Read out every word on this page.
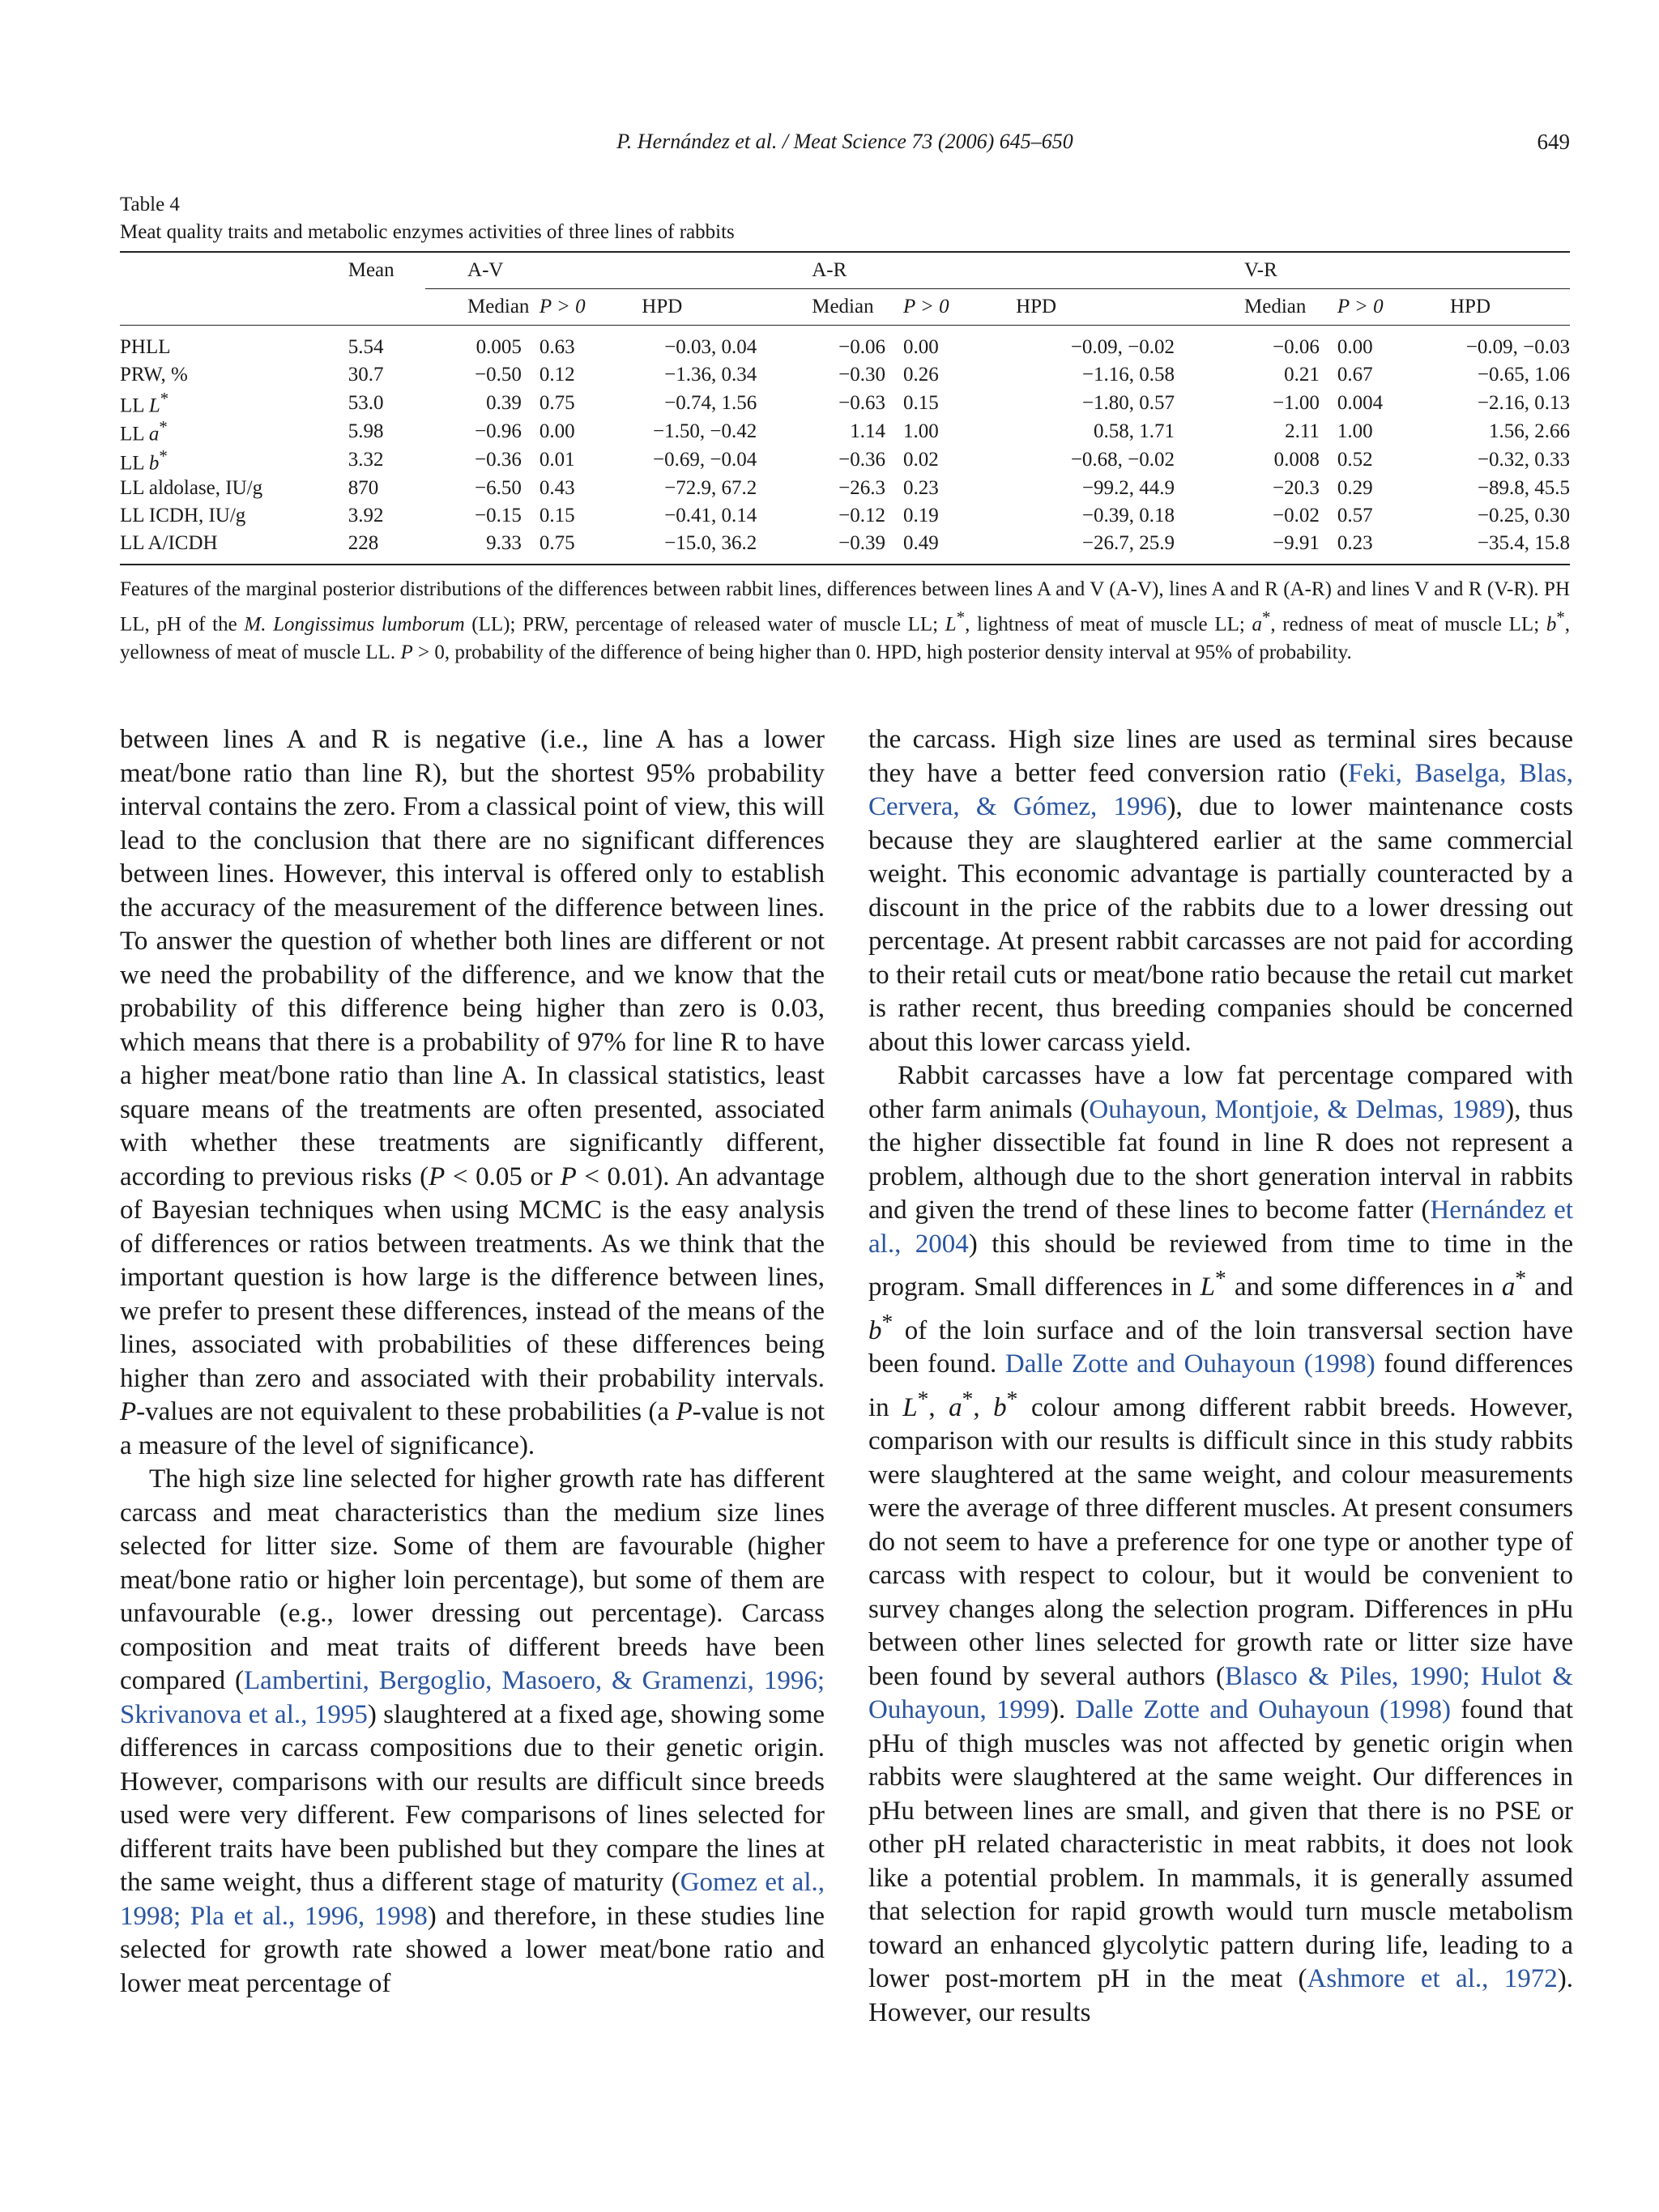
P. Hernández et al. / Meat Science 73 (2006) 645–650	649
Table 4
Meat quality traits and metabolic enzymes activities of three lines of rabbits
	Mean	A-V			A-R			V-R		
		Median	P > 0	HPD	Median	P > 0	HPD	Median	P > 0	HPD
PHLL	5.54	0.005	0.63	−0.03, 0.04	−0.06	0.00	−0.09, −0.02	−0.06	0.00	−0.09, −0.03
PRW, %	30.7	−0.50	0.12	−1.36, 0.34	−0.30	0.26	−1.16, 0.58	0.21	0.67	−0.65, 1.06
LL L*	53.0	0.39	0.75	−0.74, 1.56	−0.63	0.15	−1.80, 0.57	−1.00	0.004	−2.16, 0.13
LL a*	5.98	−0.96	0.00	−1.50, −0.42	1.14	1.00	0.58, 1.71	2.11	1.00	1.56, 2.66
LL b*	3.32	−0.36	0.01	−0.69, −0.04	−0.36	0.02	−0.68, −0.02	0.008	0.52	−0.32, 0.33
LL aldolase, IU/g	870	−6.50	0.43	−72.9, 67.2	−26.3	0.23	−99.2, 44.9	−20.3	0.29	−89.8, 45.5
LL ICDH, IU/g	3.92	−0.15	0.15	−0.41, 0.14	−0.12	0.19	−0.39, 0.18	−0.02	0.57	−0.25, 0.30
LL A/ICDH	228	9.33	0.75	−15.0, 36.2	−0.39	0.49	−26.7, 25.9	−9.91	0.23	−35.4, 15.8
Features of the marginal posterior distributions of the differences between rabbit lines, differences between lines A and V (A-V), lines A and R (A-R) and lines V and R (V-R). PH LL, pH of the M. Longissimus lumborum (LL); PRW, percentage of released water of muscle LL; L*, lightness of meat of muscle LL; a*, redness of meat of muscle LL; b*, yellowness of meat of muscle LL. P > 0, probability of the difference of being higher than 0. HPD, high posterior density interval at 95% of probability.

between lines A and R is negative (i.e., line A has a lower meat/bone ratio than line R), but the shortest 95% probability interval contains the zero. From a classical point of view, this will lead to the conclusion that there are no significant differences between lines. However, this interval is offered only to establish the accuracy of the measurement of the difference between lines. To answer the question of whether both lines are different or not we need the probability of the difference, and we know that the probability of this difference being higher than zero is 0.03, which means that there is a probability of 97% for line R to have a higher meat/bone ratio than line A. In classical statistics, least square means of the treatments are often presented, associated with whether these treatments are significantly different, according to previous risks (P < 0.05 or P < 0.01). An advantage of Bayesian techniques when using MCMC is the easy analysis of differences or ratios between treatments. As we think that the important question is how large is the difference between lines, we prefer to present these differences, instead of the means of the lines, associated with probabilities of these differences being higher than zero and associated with their probability intervals. P-values are not equivalent to these probabilities (a P-value is not a measure of the level of significance).

The high size line selected for higher growth rate has different carcass and meat characteristics than the medium size lines selected for litter size. Some of them are favourable (higher meat/bone ratio or higher loin percentage), but some of them are unfavourable (e.g., lower dressing out percentage). Carcass composition and meat traits of different breeds have been compared (Lambertini, Bergoglio, Masoero, & Gramenzi, 1996; Skrivanova et al., 1995) slaughtered at a fixed age, showing some differences in carcass compositions due to their genetic origin. However, comparisons with our results are difficult since breeds used were very different. Few comparisons of lines selected for different traits have been published but they compare the lines at the same weight, thus a different stage of maturity (Gomez et al., 1998; Pla et al., 1996, 1998) and therefore, in these studies line selected for growth rate showed a lower meat/bone ratio and lower meat percentage of

the carcass. High size lines are used as terminal sires because they have a better feed conversion ratio (Feki, Baselga, Blas, Cervera, & Gómez, 1996), due to lower maintenance costs because they are slaughtered earlier at the same commercial weight. This economic advantage is partially counteracted by a discount in the price of the rabbits due to a lower dressing out percentage. At present rabbit carcasses are not paid for according to their retail cuts or meat/bone ratio because the retail cut market is rather recent, thus breeding companies should be concerned about this lower carcass yield.

Rabbit carcasses have a low fat percentage compared with other farm animals (Ouhayoun, Montjoie, & Delmas, 1989), thus the higher dissectible fat found in line R does not represent a problem, although due to the short generation interval in rabbits and given the trend of these lines to become fatter (Hernández et al., 2004) this should be reviewed from time to time in the program. Small differences in L* and some differences in a* and b* of the loin surface and of the loin transversal section have been found. Dalle Zotte and Ouhayoun (1998) found differences in L*, a*, b* colour among different rabbit breeds. However, comparison with our results is difficult since in this study rabbits were slaughtered at the same weight, and colour measurements were the average of three different muscles. At present consumers do not seem to have a preference for one type or another type of carcass with respect to colour, but it would be convenient to survey changes along the selection program. Differences in pHu between other lines selected for growth rate or litter size have been found by several authors (Blasco & Piles, 1990; Hulot & Ouhayoun, 1999). Dalle Zotte and Ouhayoun (1998) found that pHu of thigh muscles was not affected by genetic origin when rabbits were slaughtered at the same weight. Our differences in pHu between lines are small, and given that there is no PSE or other pH related characteristic in meat rabbits, it does not look like a potential problem. In mammals, it is generally assumed that selection for rapid growth would turn muscle metabolism toward an enhanced glycolytic pattern during life, leading to a lower post-mortem pH in the meat (Ashmore et al., 1972). However, our results
